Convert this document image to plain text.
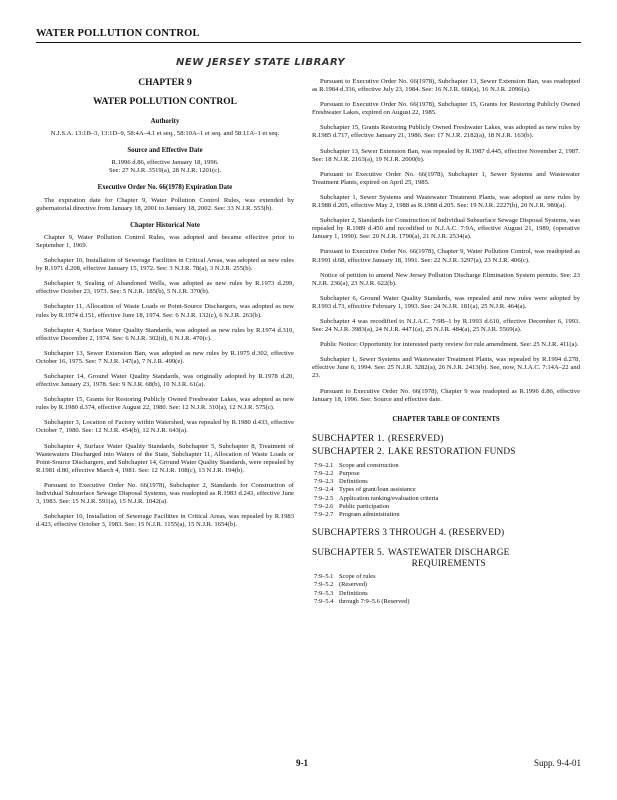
WATER POLLUTION CONTROL
NEW JERSEY STATE LIBRARY
CHAPTER 9
WATER POLLUTION CONTROL
Authority

N.J.S.A. 13:1B–3, 13:1D–9, 58:4A–4.1 et seq., 58:10A–1 et seq. and 58:11A–1 et seq.

Source and Effective Date

R.1996 d.86, effective January 18, 1996.

See: 27 N.J.R. 3519(a), 28 N.J.R. 1201(c).

Executive Order No. 66(1978) Expiration Date

The expiration date for Chapter 9, Water Pollution Control Rules, was extended by gubernatorial directive from January 18, 2001 to January 18, 2002. See: 33 N.J.R. 553(b).

Chapter Historical Note

Chapter 9, Water Pollution Control Rules, was adopted and became effective prior to September 1, 1969.

Subchapter 10, Installation of Sewerage Facilities in Critical Areas, was adopted as new rules by R.1971 d.208, effective January 15, 1972. See: 3 N.J.R. 78(a), 3 N.J.R. 255(b).

Subchapter 9, Sealing of Abandoned Wells, was adopted as new rules by R.1973 d.299, effective October 23, 1973. See: 5 N.J.R. 185(b), 5 N.J.R. 370(b).

Subchapter 11, Allocation of Waste Loads or Point-Source Dischargers, was adopted as new rules by R.1974 d.151, effective June 18, 1974. See: 6 N.J.R. 132(c), 6 N.J.R. 263(b).

Subchapter 4, Surface Water Quality Standards, was adopted as new rules by R.1974 d.310, effective December 2, 1974. See: 6 N.J.R. 302(d), 6 N.J.R. 470(c).

Subchapter 13, Sewer Extension Ban, was adopted as new rules by R.1975 d.302, effective October 16, 1975. See: 7 N.J.R. 147(a), 7 N.J.R. 499(e).

Subchapter 14, Ground Water Quality Standards, was originally adopted by R.1978 d.20, effective January 23, 1978. See: 9 N.J.R. 68(b), 10 N.J.R. 61(a).

Subchapter 15, Grants for Restoring Publicly Owned Freshwater Lakes, was adopted as new rules by R.1980 d.374, effective August 22, 1980. See: 12 N.J.R. 310(a), 12 N.J.R. 575(c).

Subchapter 3, Location of Factory within Watershed, was repealed by R.1980 d.433, effective October 7, 1980. See: 12 N.J.R. 454(b), 12 N.J.R. 643(a).

Subchapter 4, Surface Water Quality Standards, Subchapter 5, Subchapter 8, Treatment of Wastewaters Discharged into Waters of the State, Subchapter 11, Allocation of Waste Loads or Point-Source Dischargers, and Subchapter 14, Ground Water Quality Standards, were repealed by R.1981 d.80, effective March 4, 1981. See: 12 N.J.R. 108(c), 13 N.J.R. 194(b).

Pursuant to Executive Order No. 66(1978), Subchapter 2, Standards for Construction of Individual Subsurface Sewage Disposal Systems, was readopted as R.1983 d.243, effective June 3, 1983. See: 15 N.J.R. 591(a), 15 N.J.R. 1042(a).

Subchapter 10, Installation of Sewerage Facilities in Critical Areas, was repealed by R.1983 d.423, effective October 3, 1983. See: 15 N.J.R. 1155(a), 15 N.J.R. 1654(b).

Pursuant to Executive Order No. 66(1978), Subchapter 13, Sewer Extension Ban, was readopted as R.1984 d.336, effective July 23, 1984. See: 16 N.J.R. 660(a), 16 N.J.R. 2096(a).

Pursuant to Executive Order No. 66(1978), Subchapter 15, Grants for Restoring Publicly Owned Freshwater Lakes, expired on August 22, 1985.

Subchapter 15, Grants Restoring Publicly Owned Freshwater Lakes, was adopted as new rules by R.1985 d.717, effective January 21, 1986. See: 17 N.J.R. 2182(a), 18 N.J.R. 163(b).

Subchapter 13, Sewer Extension Ban, was repealed by R.1987 d.445, effective November 2, 1987. See: 18 N.J.R. 2163(a), 19 N.J.R. 2000(b).

Pursuant to Executive Order No. 66(1978), Subchapter 1, Sewer Systems and Wastewater Treatment Plants, expired on April 25, 1985.

Subchapter 1, Sewer Systems and Wastewater Treatment Plants, was adopted as new rules by R.1988 d.205, effective May 2, 1988 as R.1988 d.205. See: 19 N.J.R. 2227(b), 20 N.J.R. 980(a).

Subchapter 2, Standards for Construction of Individual Subsurface Sewage Disposal Systems, was repealed by R.1989 d.450 and recodified to N.J.A.C. 7:9A, effective August 21, 1989, (operative January 1, 1990). See: 20 N.J.R. 1790(a), 21 N.J.R. 2534(a).

Pursuant to Executive Order No. 66(1978), Chapter 9, Water Pollution Control, was readopted as R.1991 d.68, effective January 18, 1991. See: 22 N.J.R. 3297(a), 23 N.J.R. 406(c).

Notice of petition to amend New Jersey Pollution Discharge Elimination System permits. See: 23 N.J.R. 236(a), 23 N.J.R. 622(b).

Subchapter 6, Ground Water Quality Standards, was repealed and new rules were adopted by R.1993 d.73, effective February 1, 1993. See: 24 N.J.R. 181(a), 25 N.J.R. 464(a).

Subchapter 4 was recodified to N.J.A.C. 7:9B–1 by R.1993 d.610, effective December 6, 1993. See: 24 N.J.R. 3983(a), 24 N.J.R. 4471(a), 25 N.J.R. 484(a), 25 N.J.R. 5569(a).

Public Notice: Opportunity for interested party review for rule amendment. See: 25 N.J.R. 411(a).

Subchapter 1, Sewer Systems and Wastewater Treatment Plants, was repealed by R.1994 d.278, effective June 6, 1994. See: 25 N.J.R. 3282(a), 26 N.J.R. 2413(b). See, now, N.J.A.C. 7:14A–22 and 23.

Pursuant to Executive Order No. 66(1978), Chapter 9 was readopted as R.1996 d.86, effective January 18, 1996. See: Source and effective date.

CHAPTER TABLE OF CONTENTS
SUBCHAPTER 1. (RESERVED)
SUBCHAPTER 2. LAKE RESTORATION FUNDS
7:9–2.1 Scope and construction
7:9–2.2 Purpose
7:9–2.3 Definitions
7:9–2.4 Types of grant/loan assistance
7:9–2.5 Application ranking/evaluation criteria
7:9–2.6 Public participation
7:9–2.7 Program administration
SUBCHAPTERS 3 THROUGH 4. (RESERVED)
SUBCHAPTER 5. WASTEWATER DISCHARGE
REQUIREMENTS
7:9–5.1 Scope of rules
7:9–5.2 (Reserved)
7:9–5.3 Definitions
7:9–5.4 through 7:9–5.6 (Reserved)
9-1	Supp. 9-4-01
